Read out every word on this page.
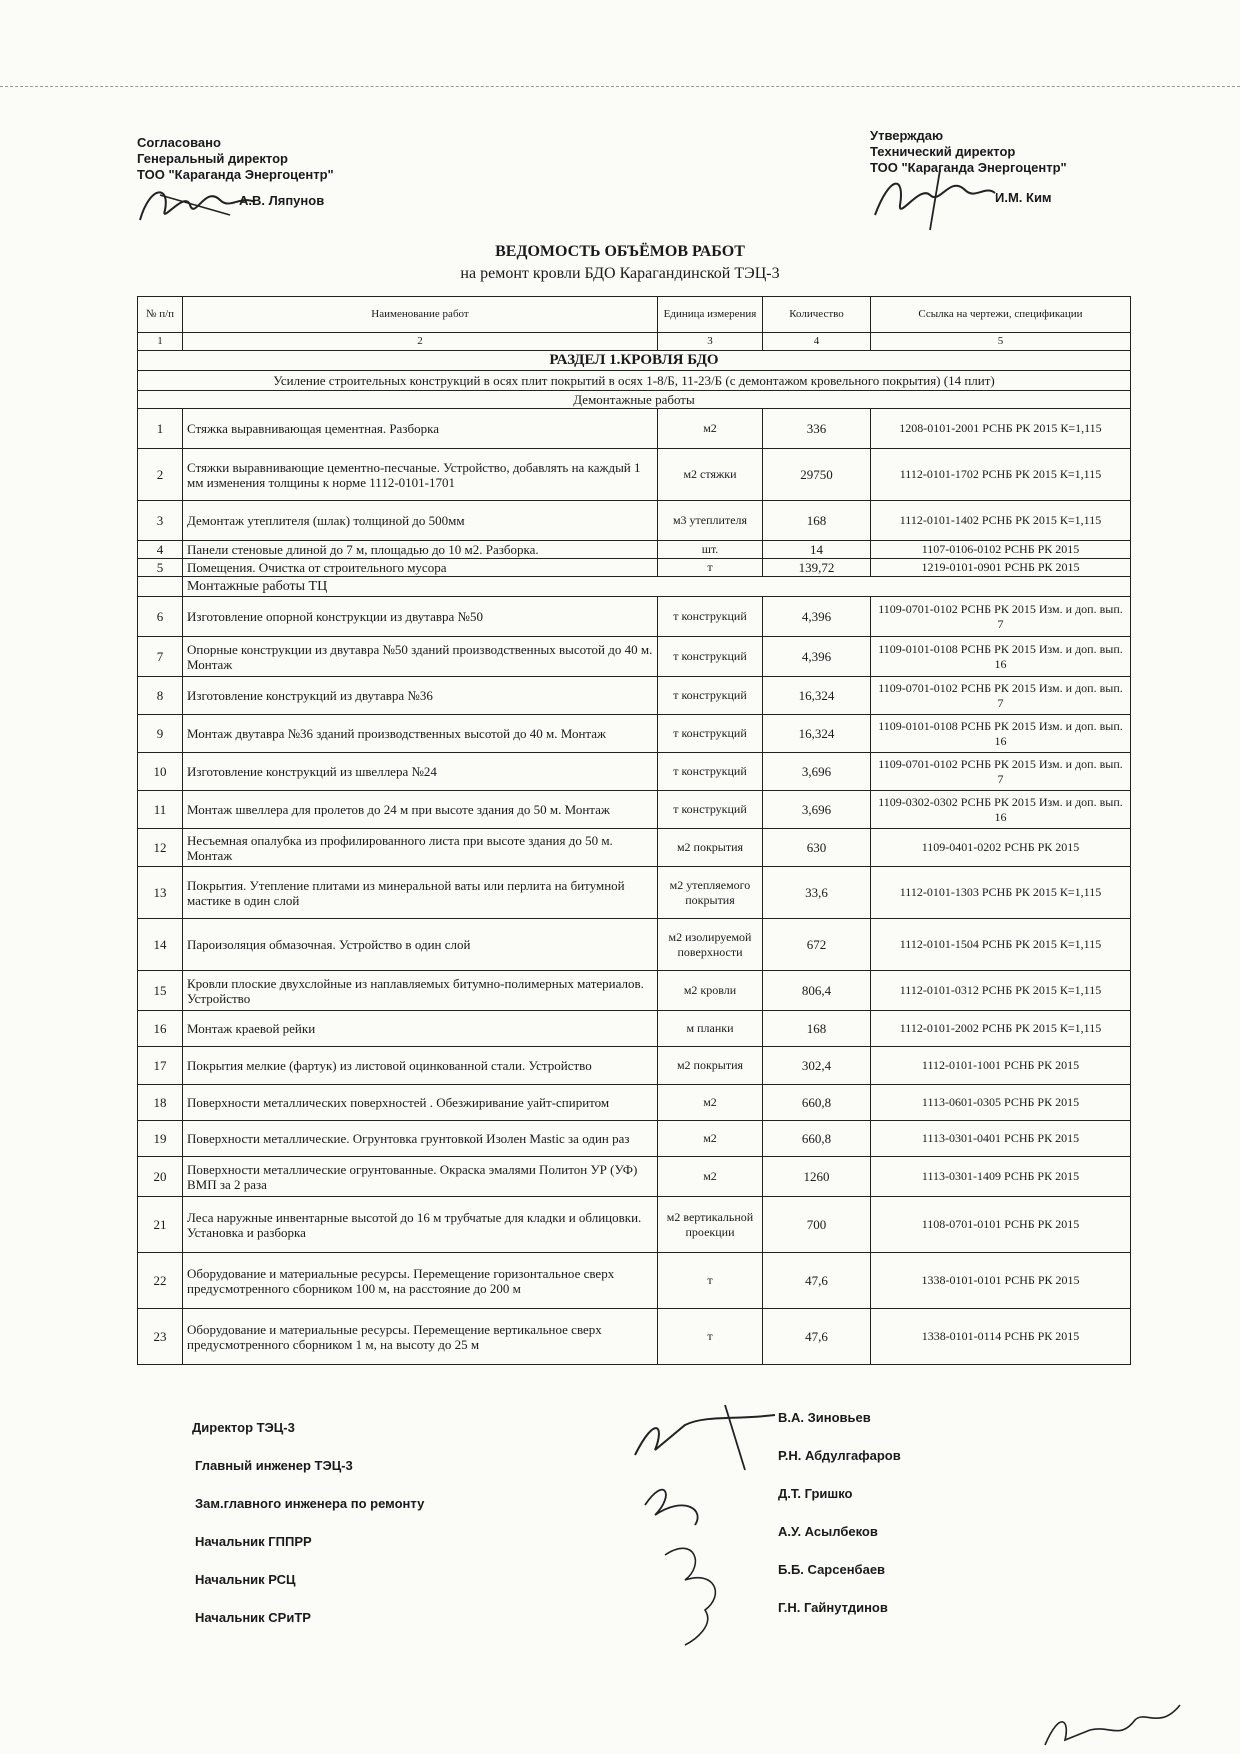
Согласовано
Генеральный директор
ТОО "Караганда Энергоцентр"
А.В. Ляпунов
Утверждаю
Технический директор
ТОО "Караганда Энергоцентр"
И.М. Ким
ВЕДОМОСТЬ ОБЪЁМОВ РАБОТ
на ремонт кровли БДО Карагандинской ТЭЦ-3
№ п/п	Наименование работ	Единица измерения	Количество	Ссылка на чертежи, спецификации
1	2	3	4	5
РАЗДЕЛ 1.КРОВЛЯ БДО				
Усиление строительных конструкций в осях плит покрытий в осях 1-8/Б, 11-23/Б (с демонтажом кровельного покрытия) (14 плит)				
Демонтажные работы				
1	Стяжка выравнивающая цементная. Разборка	м2	336	1208-0101-2001 РСНБ РК 2015 К=1,115
2	Стяжки выравнивающие цементно-песчаные. Устройство, добавлять на каждый 1 мм изменения толщины к норме 1112-0101-1701	м2 стяжки	29750	1112-0101-1702 РСНБ РК 2015 К=1,115
3	Демонтаж утеплителя (шлак) толщиной до 500мм	м3 утеплителя	168	1112-0101-1402 РСНБ РК 2015 К=1,115
4	Панели стеновые длиной до 7 м, площадью до 10 м2. Разборка.	шт.	14	1107-0106-0102 РСНБ РК 2015
5	Помещения. Очистка от строительного мусора	т	139,72	1219-0101-0901 РСНБ РК 2015
	Монтажные работы ТЦ			
6	Изготовление опорной конструкции из двутавра №50	т конструкций	4,396	1109-0701-0102 РСНБ РК 2015 Изм. и доп. вып. 7
7	Опорные конструкции из двутавра №50 зданий производственных высотой до 40 м. Монтаж	т конструкций	4,396	1109-0101-0108 РСНБ РК 2015 Изм. и доп. вып. 16
8	Изготовление конструкций из двутавра №36	т конструкций	16,324	1109-0701-0102 РСНБ РК 2015 Изм. и доп. вып. 7
9	Монтаж двутавра №36 зданий производственных высотой до 40 м. Монтаж	т конструкций	16,324	1109-0101-0108 РСНБ РК 2015 Изм. и доп. вып. 16
10	Изготовление конструкций из швеллера №24	т конструкций	3,696	1109-0701-0102 РСНБ РК 2015 Изм. и доп. вып. 7
11	Монтаж швеллера для пролетов до 24 м при высоте здания до 50 м. Монтаж	т конструкций	3,696	1109-0302-0302 РСНБ РК 2015 Изм. и доп. вып. 16
12	Несъемная опалубка из профилированного листа при высоте здания до 50 м. Монтаж	м2 покрытия	630	1109-0401-0202 РСНБ РК 2015
13	Покрытия. Утепление плитами из минеральной ваты или перлита на битумной мастике в один слой	м2 утепляемого покрытия	33,6	1112-0101-1303 РСНБ РК 2015 К=1,115
14	Пароизоляция обмазочная. Устройство в один слой	м2 изолируемой поверхности	672	1112-0101-1504 РСНБ РК 2015 К=1,115
15	Кровли плоские двухслойные из наплавляемых битумно-полимерных материалов. Устройство	м2 кровли	806,4	1112-0101-0312 РСНБ РК 2015 К=1,115
16	Монтаж краевой рейки	м планки	168	1112-0101-2002 РСНБ РК 2015 К=1,115
17	Покрытия мелкие (фартук) из листовой оцинкованной стали. Устройство	м2 покрытия	302,4	1112-0101-1001 РСНБ РК 2015
18	Поверхности металлических поверхностей . Обезжиривание уайт-спиритом	м2	660,8	1113-0601-0305 РСНБ РК 2015
19	Поверхности металлические. Огрунтовка грунтовкой Изолен Mastic за один раз	м2	660,8	1113-0301-0401 РСНБ РК 2015
20	Поверхности металлические огрунтованные. Окраска эмалями Политон УР (УФ) ВМП за 2 раза	м2	1260	1113-0301-1409 РСНБ РК 2015
21	Леса наружные инвентарные высотой до 16 м трубчатые для кладки и облицовки. Установка и разборка	м2 вертикальной проекции	700	1108-0701-0101 РСНБ РК 2015
22	Оборудование и материальные ресурсы. Перемещение горизонтальное сверх предусмотренного сборником 100 м, на расстояние до 200 м	т	47,6	1338-0101-0101 РСНБ РК 2015
23	Оборудование и материальные ресурсы. Перемещение вертикальное сверх предусмотренного сборником 1 м, на высоту до 25 м	т	47,6	1338-0101-0114 РСНБ РК 2015
Директор ТЭЦ-3
В.А. Зиновьев
Главный инженер ТЭЦ-3
Р.Н. Абдулгафаров
Зам.главного инженера по ремонту
Д.Т. Гришко
Начальник ГППРР
А.У. Асылбеков
Начальник РСЦ
Б.Б. Сарсенбаев
Начальник СРиТР
Г.Н. Гайнутдинов
